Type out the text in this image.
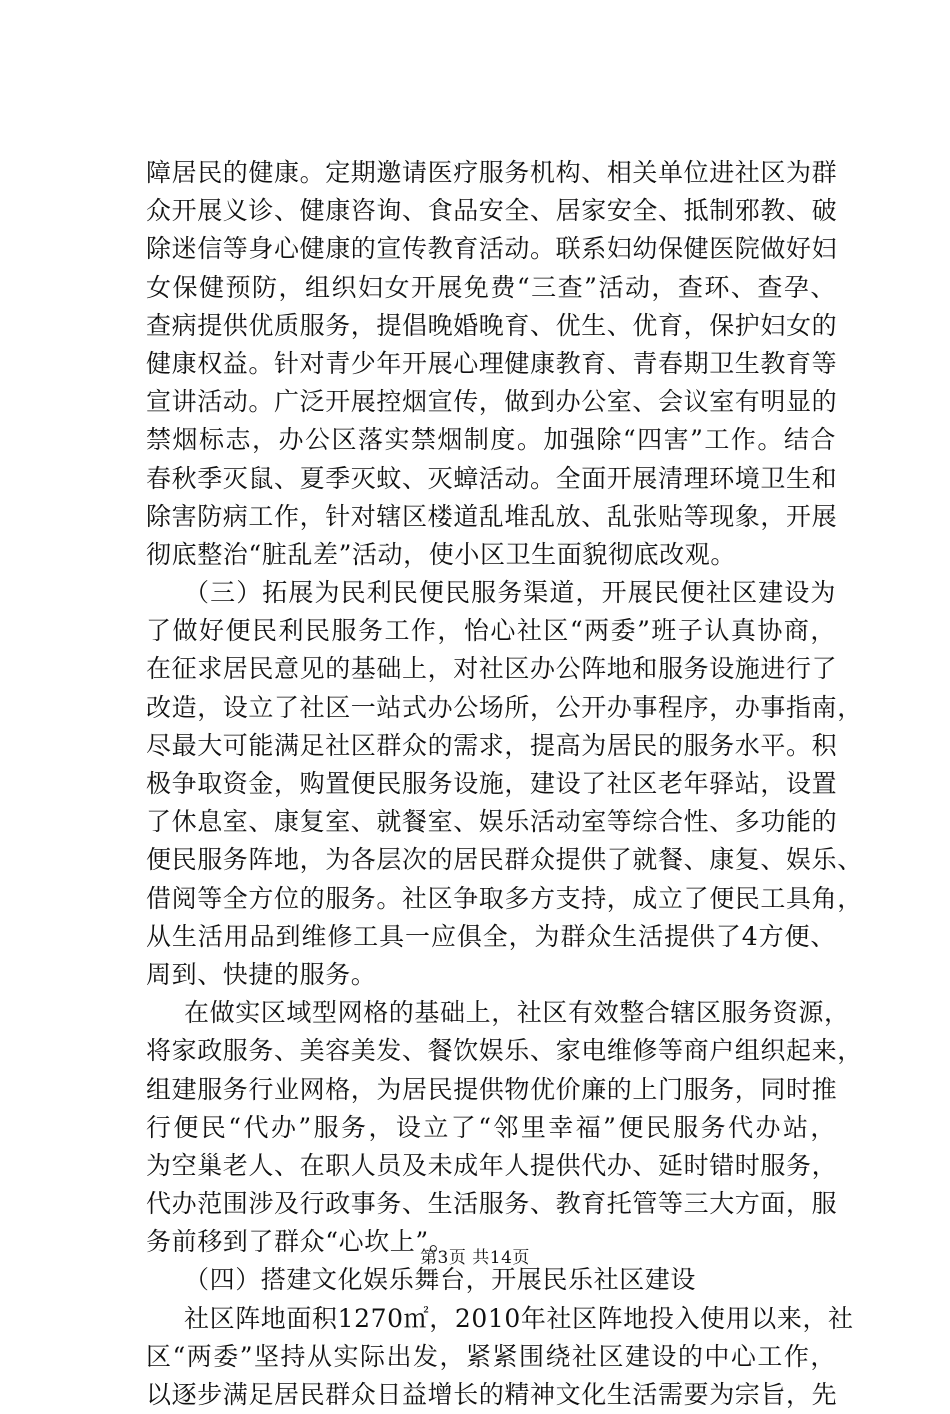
障居民的健康。定期邀请医疗服务机构、相关单位进社区为群
众开展义诊、健康咨询、食品安全、居家安全、抵制邪教、破
除迷信等身心健康的宣传教育活动。联系妇幼保健医院做好妇
女保健预防，组织妇女开展免费“三查”活动，查环、查孕、
查病提供优质服务，提倡晚婚晚育、优生、优育，保护妇女的
健康权益。针对青少年开展心理健康教育、青春期卫生教育等
宣讲活动。广泛开展控烟宣传，做到办公室、会议室有明显的
禁烟标志，办公区落实禁烟制度。加强除“四害”工作。结合
春秋季灭鼠、夏季灭蚊、灭蟑活动。全面开展清理环境卫生和
除害防病工作，针对辖区楼道乱堆乱放、乱张贴等现象，开展
彻底整治“脏乱差”活动，使小区卫生面貌彻底改观。
（三）拓展为民利民便民服务渠道，开展民便社区建设为
了做好便民利民服务工作，怡心社区“两委”班子认真协商，
在征求居民意见的基础上，对社区办公阵地和服务设施进行了
改造，设立了社区一站式办公场所，公开办事程序，办事指南，
尽最大可能满足社区群众的需求，提高为居民的服务水平。积
极争取资金，购置便民服务设施，建设了社区老年驿站，设置
了休息室、康复室、就餐室、娱乐活动室等综合性、多功能的
便民服务阵地，为各层次的居民群众提供了就餐、康复、娱乐、
借阅等全方位的服务。社区争取多方支持，成立了便民工具角，
从生活用品到维修工具一应俱全，为群众生活提供了4方便、
周到、快捷的服务。
在做实区域型网格的基础上，社区有效整合辖区服务资源，
将家政服务、美容美发、餐饮娱乐、家电维修等商户组织起来，
组建服务行业网格，为居民提供物优价廉的上门服务，同时推
行便民“代办”服务，设立了“邻里幸福”便民服务代办站，
为空巢老人、在职人员及未成年人提供代办、延时错时服务，
代办范围涉及行政事务、生活服务、教育托管等三大方面，服
务前移到了群众“心坎上”。
（四）搭建文化娱乐舞台，开展民乐社区建设
社区阵地面积1270㎡，2010年社区阵地投入使用以来，社
区“两委”坚持从实际出发，紧紧围绕社区建设的中心工作，
以逐步满足居民群众日益增长的精神文化生活需要为宗旨，先
第3页 共14页
